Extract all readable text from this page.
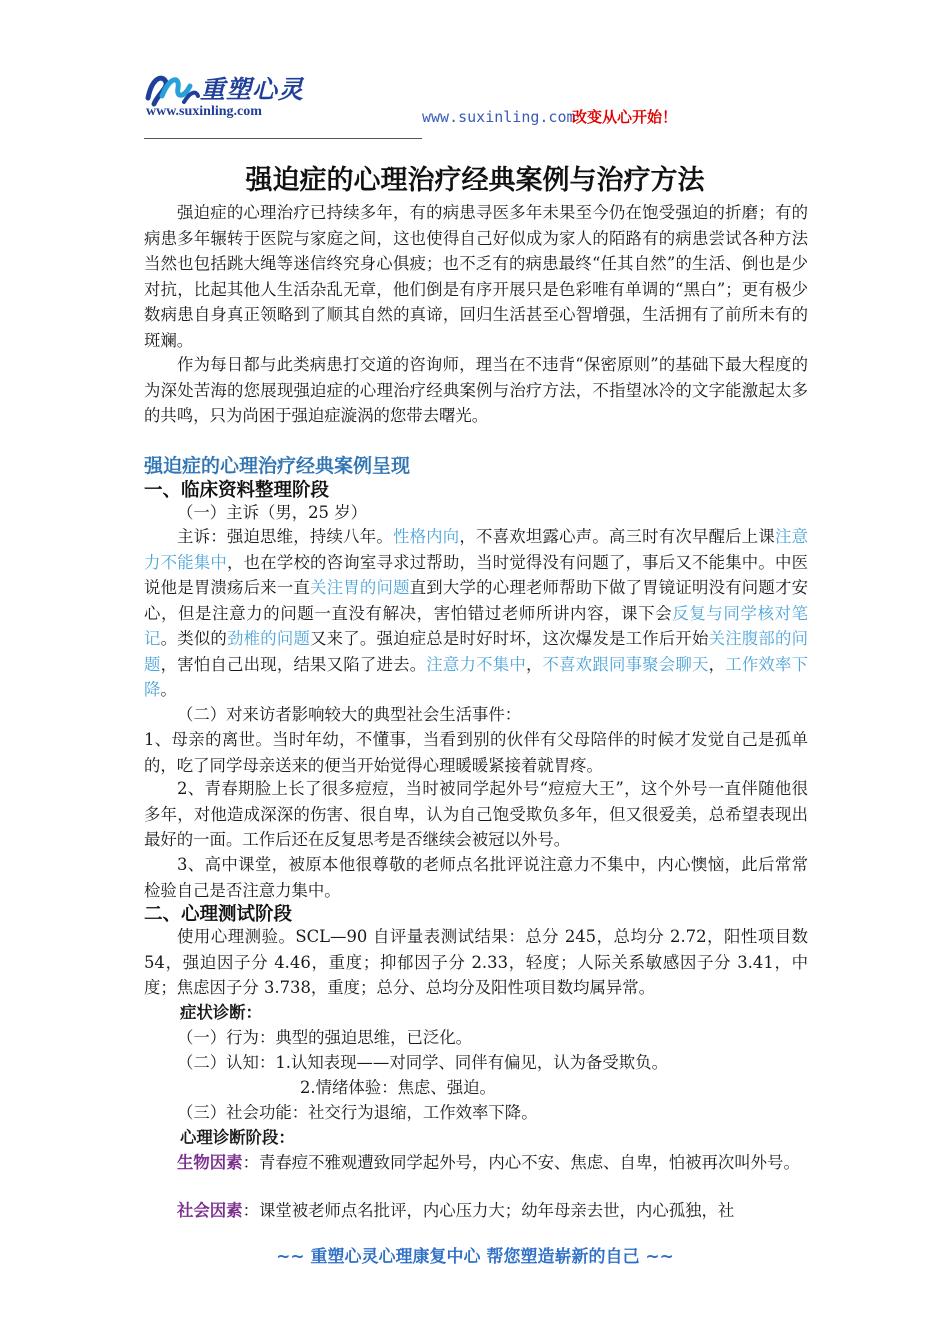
重塑心灵
www.suxinling.com	www.suxinling.com
改变从心开始！
强迫症的心理治疗经典案例与治疗方法

强迫症的心理治疗已持续多年，有的病患寻医多年未果至今仍在饱受强迫的折磨；有的病患多年辗转于医院与家庭之间，这也使得自己好似成为家人的陌路有的病患尝试各种方法当然也包括跳大绳等迷信终究身心俱疲；也不乏有的病患最终“任其自然”的生活、倒也是少对抗，比起其他人生活杂乱无章，他们倒是有序开展只是色彩唯有单调的“黑白”；更有极少数病患自身真正领略到了顺其自然的真谛，回归生活甚至心智增强，生活拥有了前所未有的斑斓。

作为每日都与此类病患打交道的咨询师，理当在不违背“保密原则”的基础下最大程度的为深处苦海的您展现强迫症的心理治疗经典案例与治疗方法，不指望冰冷的文字能激起太多的共鸣，只为尚困于强迫症漩涡的您带去曙光。

强迫症的心理治疗经典案例呈现
一、临床资料整理阶段
（一）主诉（男，25 岁）

主诉：强迫思维，持续八年。性格内向，不喜欢坦露心声。高三时有次早醒后上课注意力不能集中，也在学校的咨询室寻求过帮助，当时觉得没有问题了，事后又不能集中。中医说他是胃溃疡后来一直关注胃的问题直到大学的心理老师帮助下做了胃镜证明没有问题才安心，但是注意力的问题一直没有解决，害怕错过老师所讲内容，课下会反复与同学核对笔记。类似的劲椎的问题又来了。强迫症总是时好时坏，这次爆发是工作后开始关注腹部的问题，害怕自己出现，结果又陷了进去。注意力不集中，不喜欢跟同事聚会聊天，工作效率下降。

（二）对来访者影响较大的典型社会生活事件：

1、母亲的离世。当时年幼，不懂事，当看到别的伙伴有父母陪伴的时候才发觉自己是孤单的，吃了同学母亲送来的便当开始觉得心理暖暖紧接着就胃疼。

2、青春期脸上长了很多痘痘，当时被同学起外号“痘痘大王”，这个外号一直伴随他很多年，对他造成深深的伤害、很自卑，认为自己饱受欺负多年，但又很爱美，总希望表现出最好的一面。工作后还在反复思考是否继续会被冠以外号。

3、高中课堂，被原本他很尊敬的老师点名批评说注意力不集中，内心懊恼，此后常常检验自己是否注意力集中。

二、心理测试阶段

使用心理测验。SCL—90 自评量表测试结果：总分 245，总均分 2.72，阳性项目数 54，强迫因子分 4.46，重度；抑郁因子分 2.33，轻度；人际关系敏感因子分 3.41，中度；焦虑因子分 3.738，重度；总分、总均分及阳性项目数均属异常。

症状诊断：
（一）行为：典型的强迫思维，已泛化。
（二）认知：1.认知表现——对同学、同伴有偏见，认为备受欺负。
2.情绪体验：焦虑、强迫。
（三）社会功能：社交行为退缩，工作效率下降。
心理诊断阶段：

生物因素：青春痘不雅观遭致同学起外号，内心不安、焦虑、自卑，怕被再次叫外号。

社会因素：课堂被老师点名批评，内心压力大；幼年母亲去世，内心孤独，社

~~ 重塑心灵心理康复中心 帮您塑造崭新的自己 ~~
